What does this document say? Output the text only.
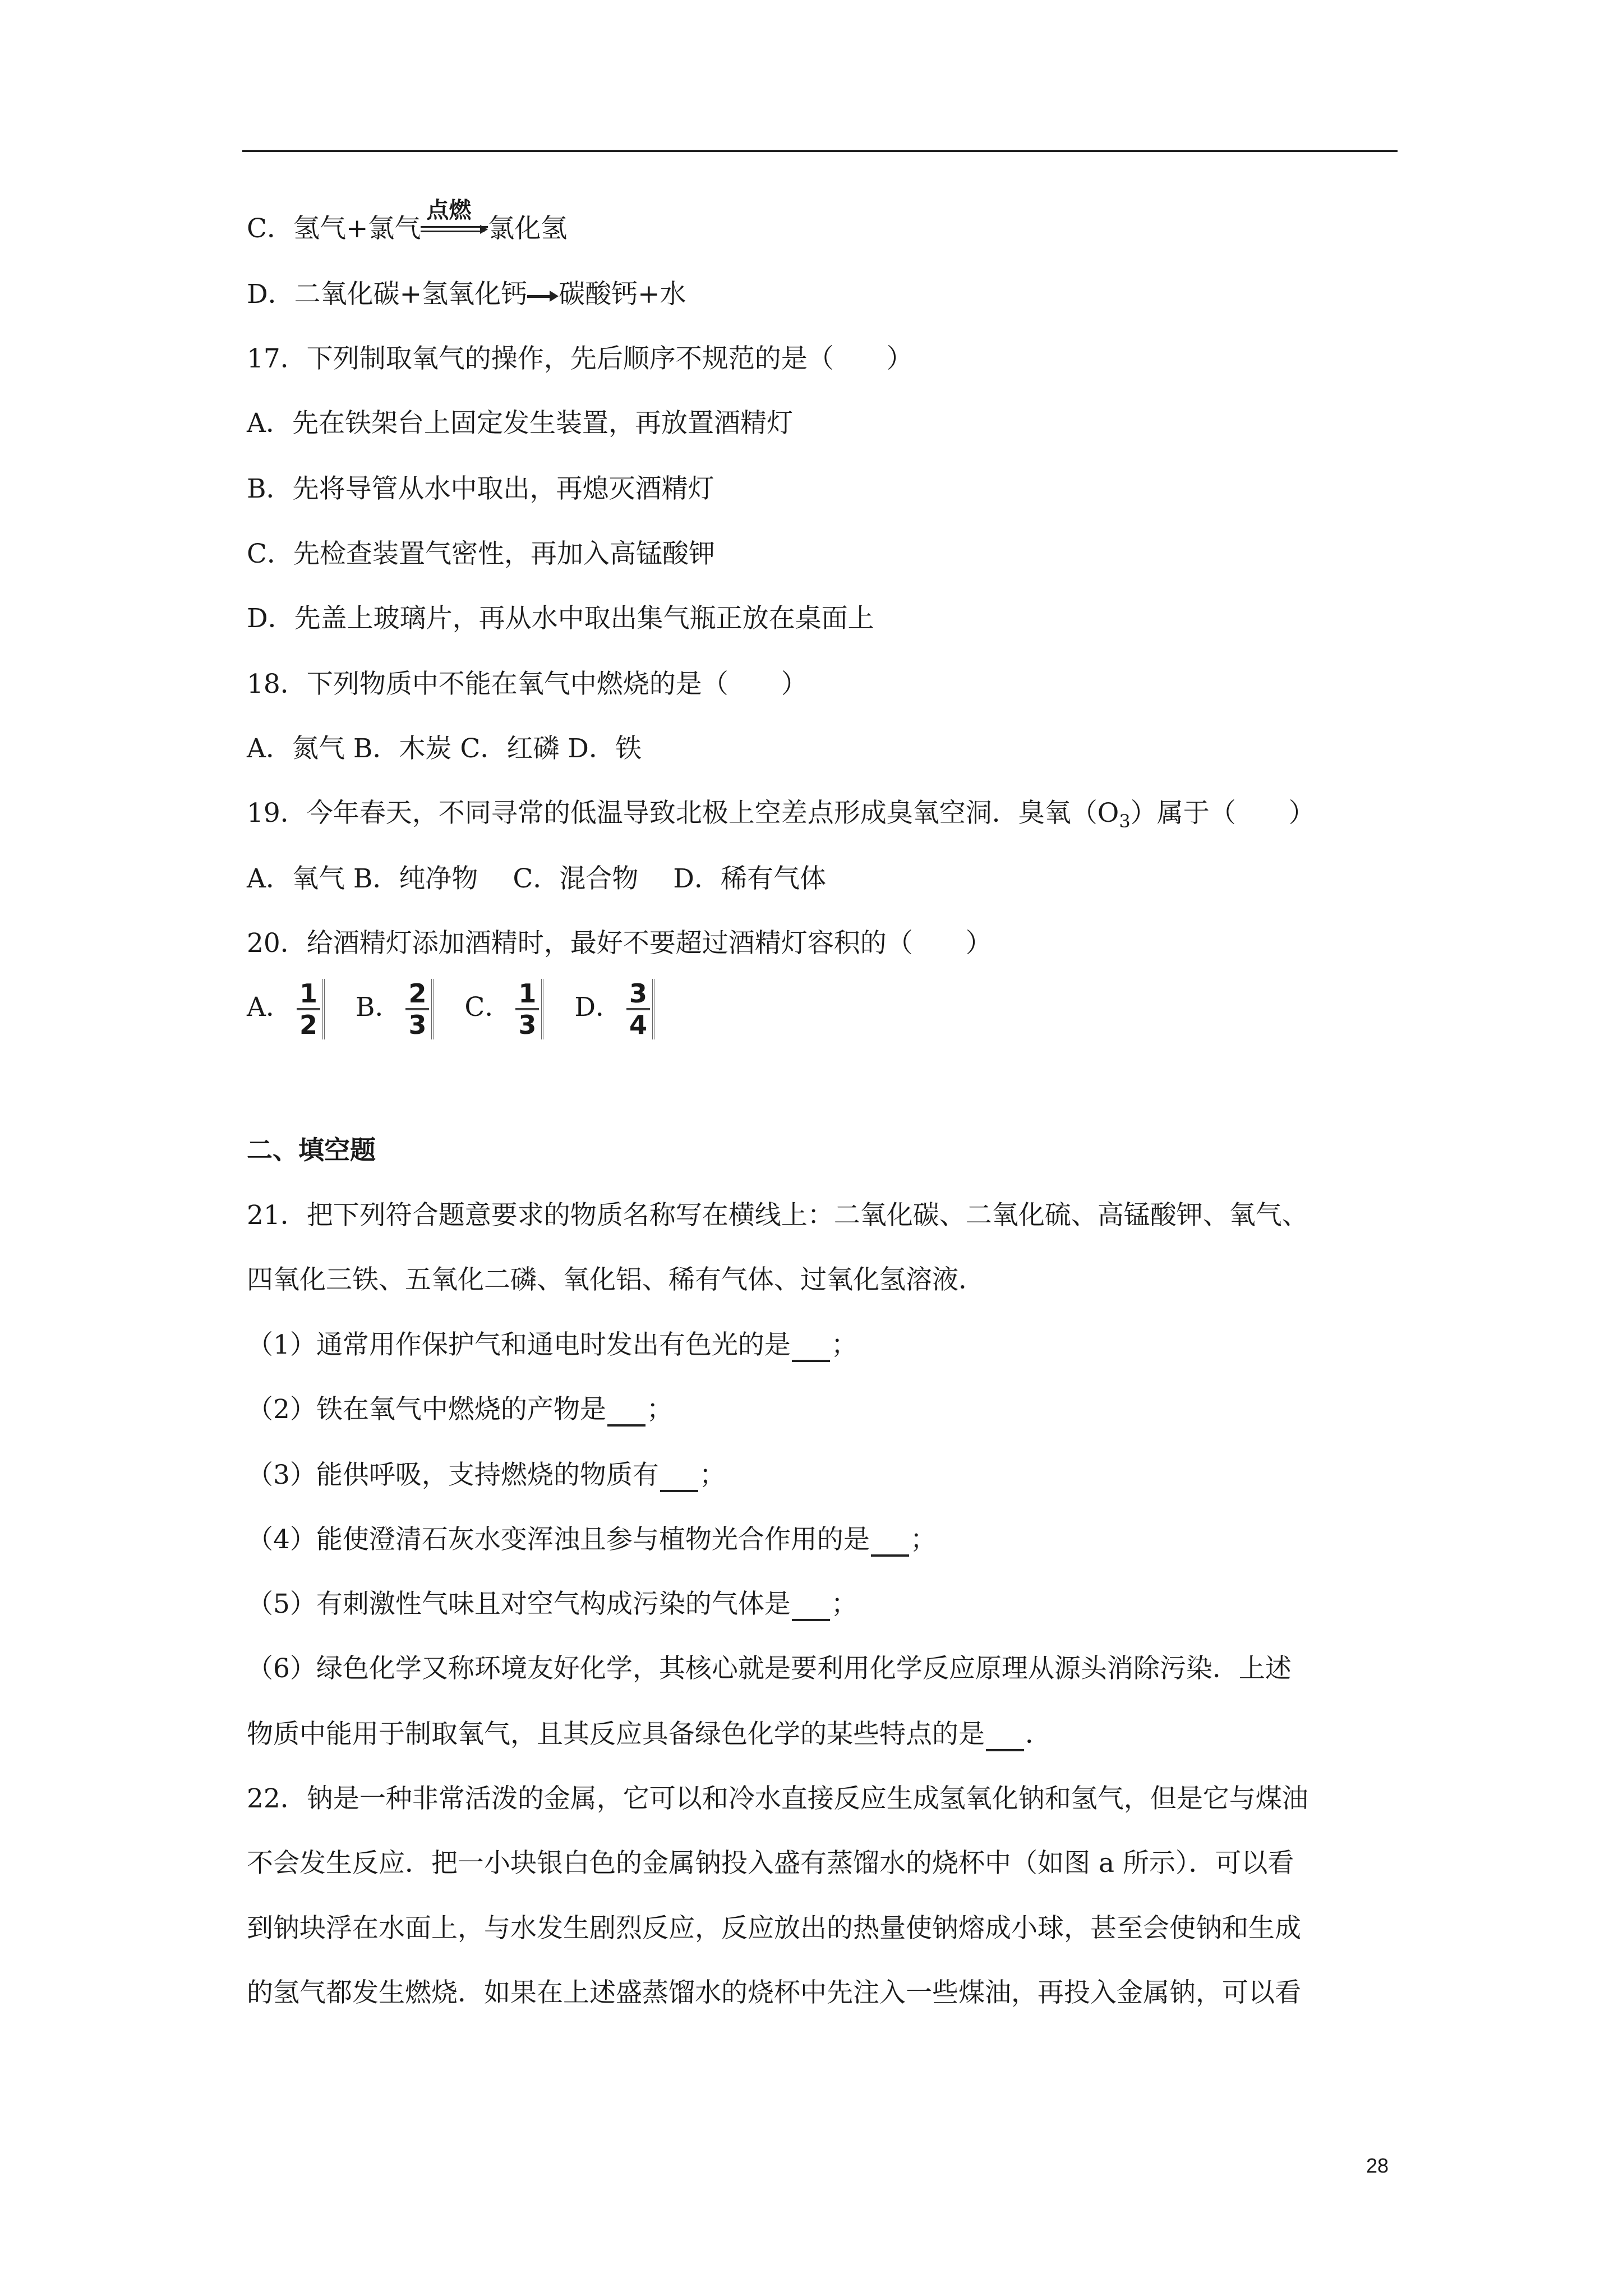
C．氢气+氯气
点燃
氯化氢
D．二氧化碳+氢氧化钙 碳酸钙+水
17．下列制取氧气的操作，先后顺序不规范的是（　　）
A．先在铁架台上固定发生装置，再放置酒精灯
B．先将导管从水中取出，再熄灭酒精灯
C．先检查装置气密性，再加入高锰酸钾
D．先盖上玻璃片，再从水中取出集气瓶正放在桌面上
18．下列物质中不能在氧气中燃烧的是（　　）
A．氮气 B．木炭 C．红磷 D．铁
19．今年春天，不同寻常的低温导致北极上空差点形成臭氧空洞．臭氧$(O_3)$属于（　　）
A．氧气 B．纯净物　 C．混合物　 D．稀有气体
20．给酒精灯添加酒精时，最好不要超过酒精灯容积的（　　）
A． $\frac{1}{2}$ B． $\frac{2}{3}$ C． $\frac{1}{3}$ D． $\frac{3}{4}$
二、填空题
21．把下列符合题意要求的物质名称写在横线上：二氧化碳、二氧化硫、高锰酸钾、氧气、
四氧化三铁、五氧化二磷、氧化铝、稀有气体、过氧化氢溶液．
（1）通常用作保护气和通电时发出有色光的是 ；
（2）铁在氧气中燃烧的产物是 ；
（3）能供呼吸，支持燃烧的物质有 ；
（4）能使澄清石灰水变浑浊且参与植物光合作用的是 ；
（5）有刺激性气味且对空气构成污染的气体是 ；
（6）绿色化学又称环境友好化学，其核心就是要利用化学反应原理从源头消除污染．上述
物质中能用于制取氧气，且其反应具备绿色化学的某些特点的是 ．
22．钠是一种非常活泼的金属，它可以和冷水直接反应生成氢氧化钠和氢气，但是它与煤油
不会发生反应．把一小块银白色的金属钠投入盛有蒸馏水的烧杯中（如图 a 所示）．可以看
到钠块浮在水面上，与水发生剧烈反应，反应放出的热量使钠熔成小球，甚至会使钠和生成
的氢气都发生燃烧．如果在上述盛蒸馏水的烧杯中先注入一些煤油，再投入金属钠，可以看
28
